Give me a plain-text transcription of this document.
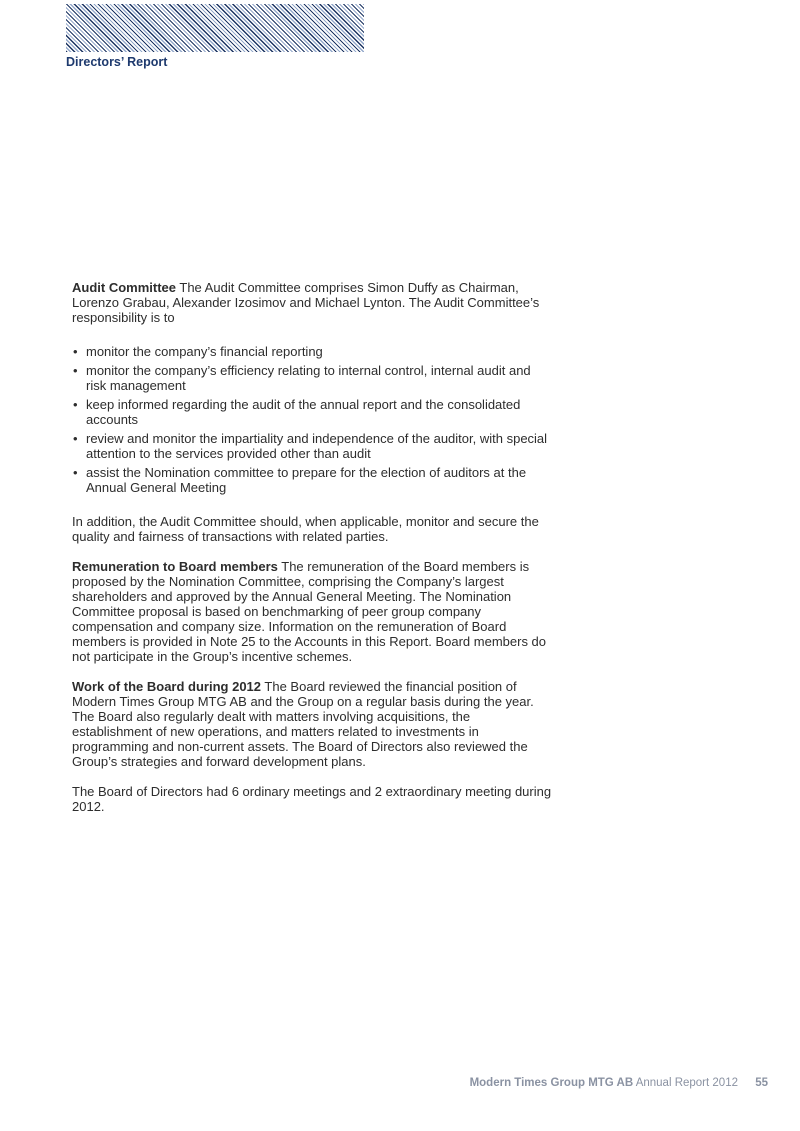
Directors’ Report

Audit Committee The Audit Committee comprises Simon Duffy as Chairman, Lorenzo Grabau, Alexander Izosimov and Michael Lynton. The Audit Committee’s responsibility is to

• monitor the company’s financial reporting
• monitor the company’s efficiency relating to internal control, internal audit and risk management
• keep informed regarding the audit of the annual report and the consolidated accounts
• review and monitor the impartiality and independence of the auditor, with special attention to the services provided other than audit
• assist the Nomination committee to prepare for the election of auditors at the Annual General Meeting

In addition, the Audit Committee should, when applicable, monitor and secure the quality and fairness of transactions with related parties.

Remuneration to Board members The remuneration of the Board members is proposed by the Nomination Committee, comprising the Company’s largest shareholders and approved by the Annual General Meeting. The Nomination Committee proposal is based on benchmarking of peer group company compensation and company size. Information on the remuneration of Board members is provided in Note 25 to the Accounts in this Report. Board members do not participate in the Group’s incentive schemes.

Work of the Board during 2012 The Board reviewed the financial position of Modern Times Group MTG AB and the Group on a regular basis during the year. The Board also regularly dealt with matters involving acquisitions, the establishment of new operations, and matters related to investments in programming and non-current assets. The Board of Directors also reviewed the Group’s strategies and forward development plans.

The Board of Directors had 6 ordinary meetings and 2 extraordinary meeting during 2012.

Modern Times Group MTG AB Annual Report 2012 55
